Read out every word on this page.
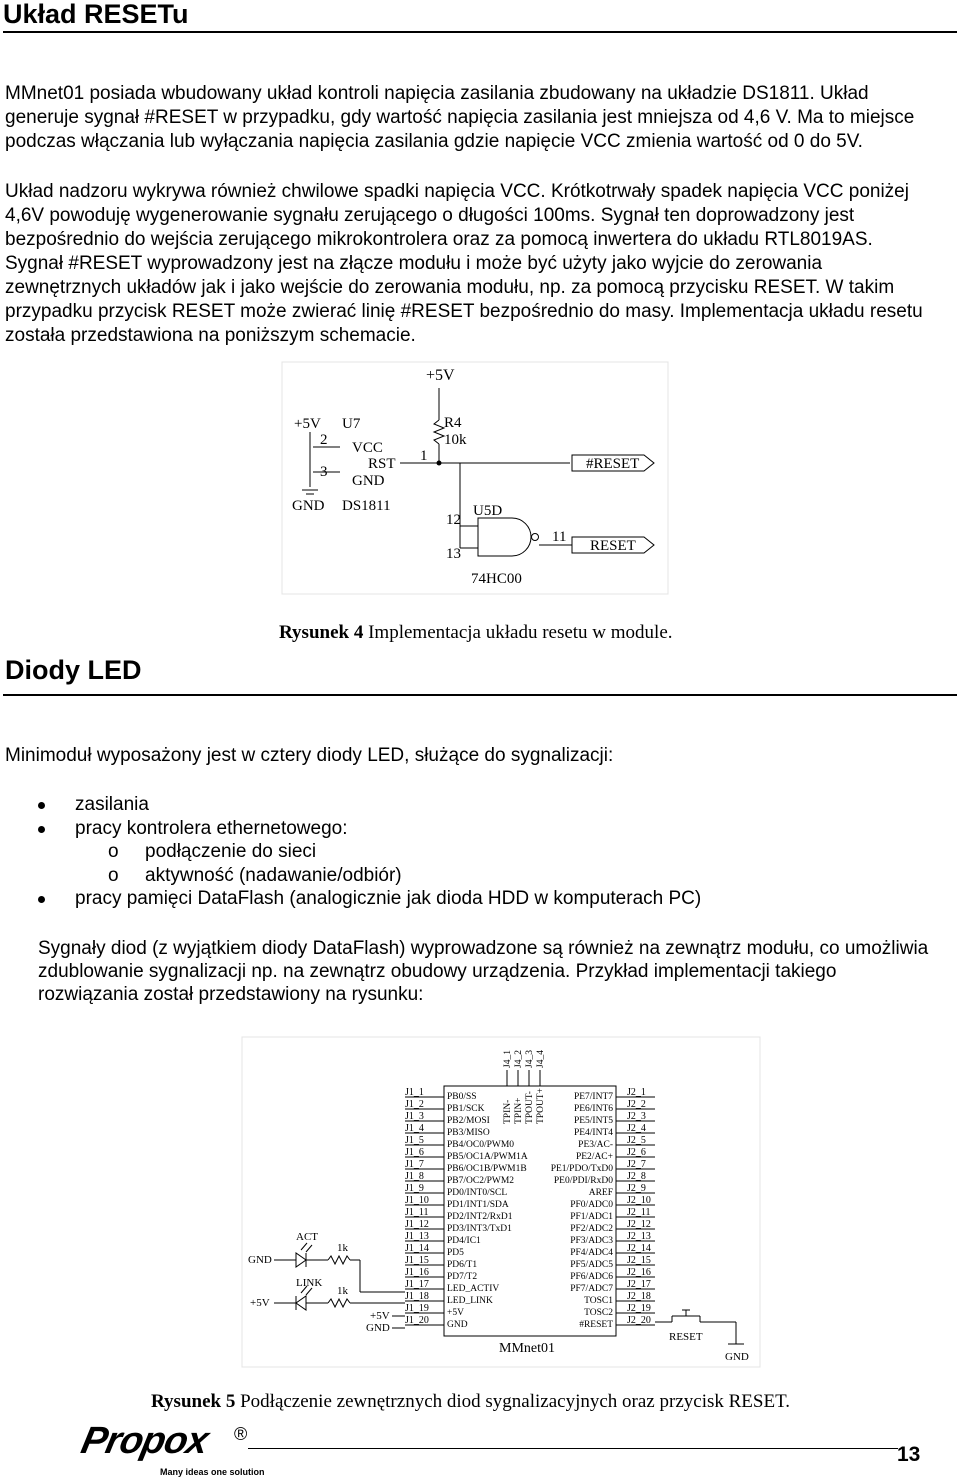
Układ RESETu

MMnet01 posiada wbudowany układ kontroli napięcia zasilania zbudowany na układzie DS1811. Układ

generuje sygnał #RESET w przypadku, gdy wartość napięcia zasilania jest mniejsza od 4,6 V. Ma to miejsce

podczas włączania lub wyłączania napięcia zasilania gdzie napięcie VCC zmienia wartość od 0 do 5V.

Układ nadzoru wykrywa również chwilowe spadki napięcia VCC. Krótkotrwały spadek napięcia VCC poniżej

4,6V powoduję wygenerowanie sygnału zerującego o długości 100ms. Sygnał ten doprowadzony jest

bezpośrednio do wejścia zerującego mikrokontrolera oraz za pomocą inwertera do układu RTL8019AS.

Sygnał #RESET wyprowadzony jest na złącze modułu i może być użyty jako wyjcie do zerowania

zewnętrznych układów jak i jako wejście do zerowania modułu, np. za pomocą przycisku RESET. W takim

przypadku przycisk RESET może zwierać linię #RESET bezpośrednio do masy. Implementacja układu resetu

została przedstawiona na poniższym schemacie.

+5V
+5V U7
2
3
VCC
RST
GND
GND DS1811
1
R4
10k
#RESET
12
13
U5D
11
RESET
74HC00
Rysunek 4 Implementacja układu resetu w module.
Diody LED

Minimoduł wyposażony jest w cztery diody LED, służące do sygnalizacji:

zasilania
pracy kontrolera ethernetowego:
o podłączenie do sieci
o aktywność (nadawanie/odbiór)
pracy pamięci DataFlash (analogicznie jak dioda HDD w komputerach PC)

Sygnały diod (z wyjątkiem diody DataFlash) wyprowadzone są również na zewnątrz modułu, co umożliwia

zdublowanie sygnalizacji np. na zewnątrz obudowy urządzenia. Przykład implementacji takiego

rozwiązania został przedstawiony na rysunku:

J1_1 PB0/SS	PE7/INT7 J2_1
J1_2 PB1/SCK	PE6/INT6 J2_2
J1_3 PB2/MOSI	PE5/INT5 J2_3
J1_4 PB3/MISO	PE4/INT4 J2_4
J1_5 PB4/OC0/PWM0	PE3/AC- J2_5
J1_6 PB5/OC1A/PWM1A	PE2/AC+ J2_6
J1_7 PB6/OC1B/PWM1B	PE1/PDO/TxD0 J2_7
J1_8 PB7/OC2/PWM2	PE0/PDI/RxD0 J2_8
J1_9 PD0/INT0/SCL	AREF J2_9
J1_10 PD1/INT1/SDA	PF0/ADC0 J2_10
J1_11 PD2/INT2/RxD1	PF1/ADC1 J2_11
J1_12 PD3/INT3/TxD1	PF2/ADC2 J2_12
J1_13 PD4/IC1	PF3/ADC3 J2_13
J1_14 PD5	PF4/ADC4 J2_14
J1_15 PD6/T1	PF5/ADC5 J2_15
J1_16 PD7/T2	PF6/ADC6 J2_16
J1_17 LED_ACTIV	PF7/ADC7 J2_17
J1_18 LED_LINK	TOSC1 J2_18
J1_19 +5V	TOSC2 J2_19
J1_20 GND	#RESET J2_20
J4_1
TPIN-
J4_2
TPIN+
J4_3
TPOUT-
J4_4
TPOUT+
ACT
LINK
1k
1k
GND
+5V
+5V
GND
RESET
GND
MMnet01
Rysunek 5 Podłączenie zewnętrznych diod sygnalizacyjnych oraz przycisk RESET.
Propox ®
Many ideas one solution
13
